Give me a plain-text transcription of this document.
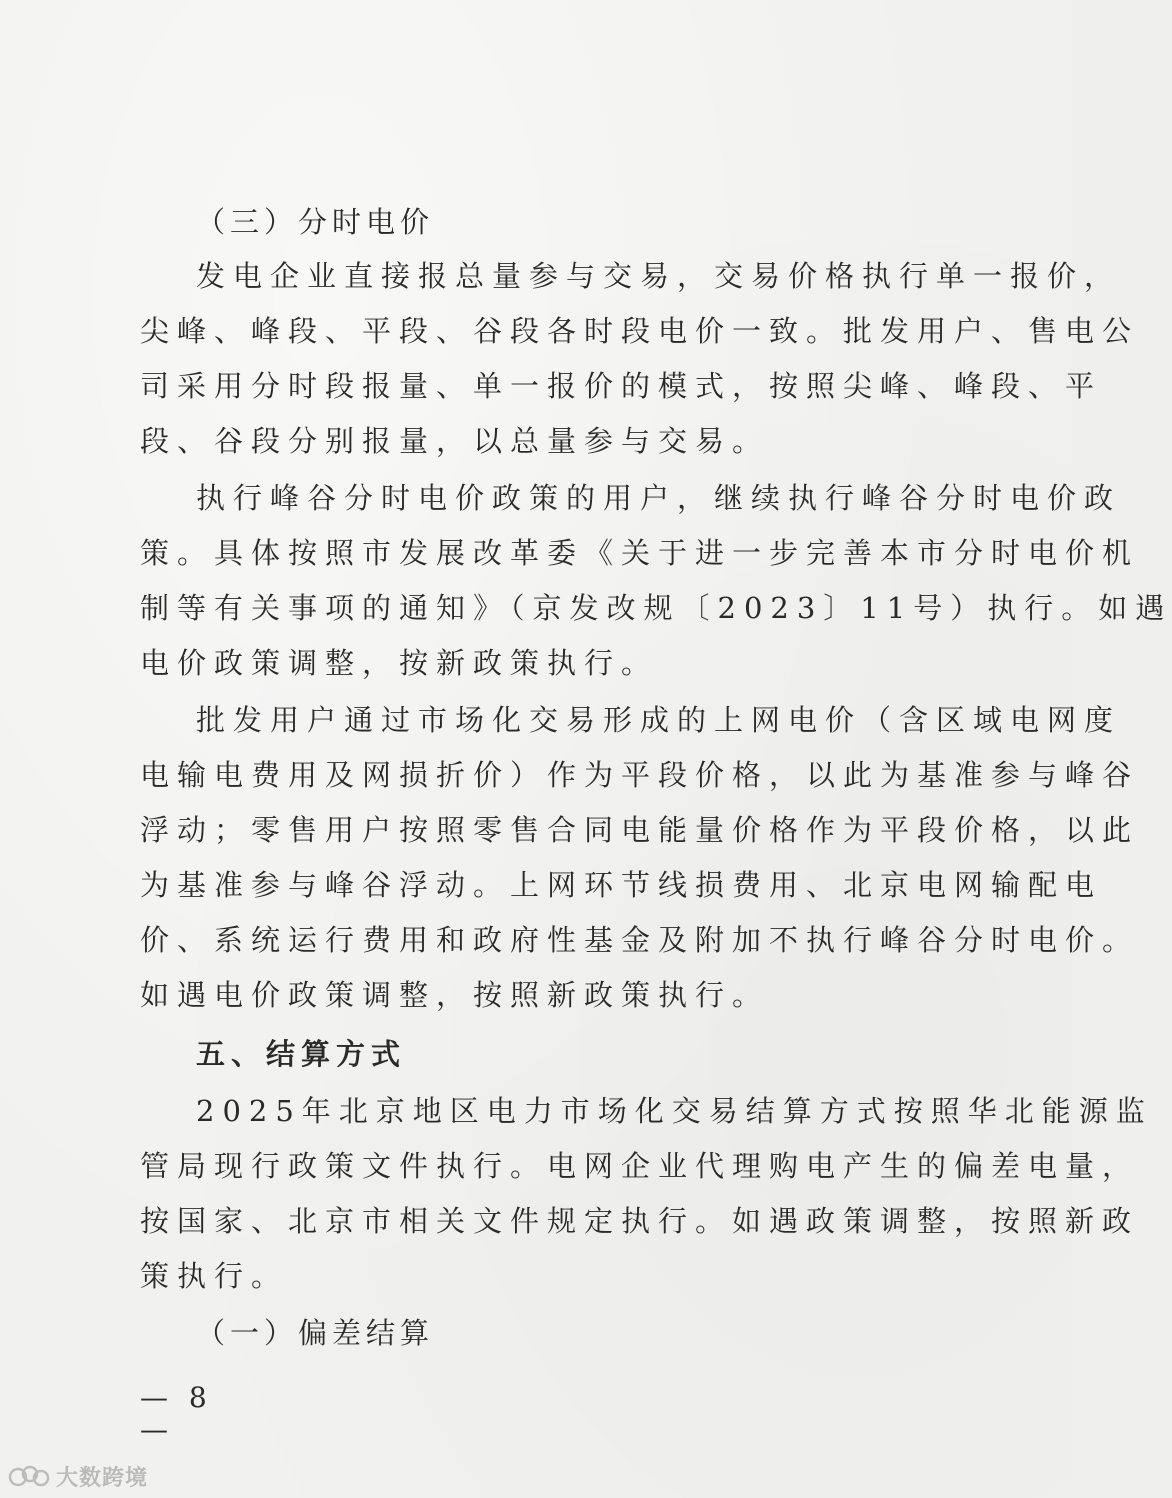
（三）分时电价
发电企业直接报总量参与交易，交易价格执行单一报价，
尖峰、峰段、平段、谷段各时段电价一致。批发用户、售电公
司采用分时段报量、单一报价的模式，按照尖峰、峰段、平
段、谷段分别报量，以总量参与交易。
执行峰谷分时电价政策的用户，继续执行峰谷分时电价政
策。具体按照市发展改革委《关于进一步完善本市分时电价机
制等有关事项的通知》（京发改规〔2023〕11号）执行。如遇
电价政策调整，按新政策执行。
批发用户通过市场化交易形成的上网电价（含区域电网度
电输电费用及网损折价）作为平段价格，以此为基准参与峰谷
浮动；零售用户按照零售合同电能量价格作为平段价格，以此
为基准参与峰谷浮动。上网环节线损费用、北京电网输配电
价、系统运行费用和政府性基金及附加不执行峰谷分时电价。
如遇电价政策调整，按照新政策执行。
五、结算方式
2025年北京地区电力市场化交易结算方式按照华北能源监
管局现行政策文件执行。电网企业代理购电产生的偏差电量，
按国家、北京市相关文件规定执行。如遇政策调整，按照新政
策执行。
（一）偏差结算
— 8 —
大数跨境
